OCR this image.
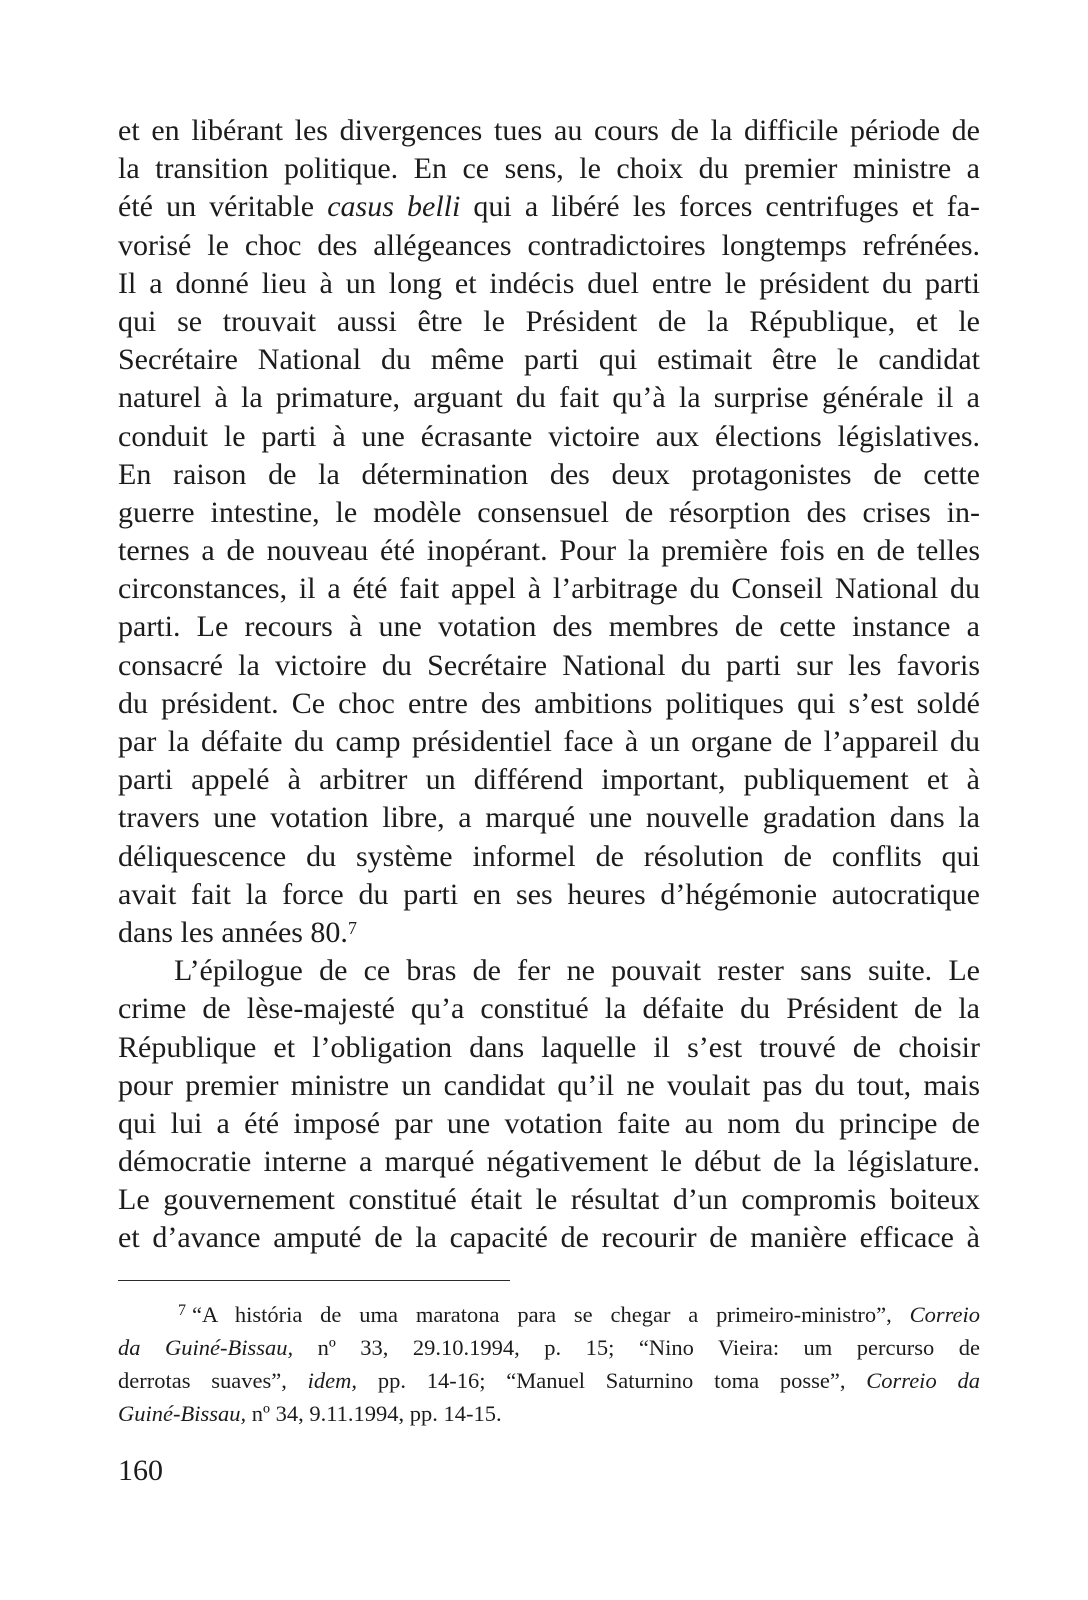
et en libérant les divergences tues au cours de la difficile période de
la transition politique. En ce sens, le choix du premier ministre a
été un véritable casus belli qui a libéré les forces centrifuges et fa-
vorisé le choc des allégeances contradictoires longtemps refrénées.
Il a donné lieu à un long et indécis duel entre le président du parti
qui se trouvait aussi être le Président de la République, et le
Secrétaire National du même parti qui estimait être le candidat
naturel à la primature, arguant du fait qu’à la surprise générale il a
conduit le parti à une écrasante victoire aux élections législatives.
En raison de la détermination des deux protagonistes de cette
guerre intestine, le modèle consensuel de résorption des crises in-
ternes a de nouveau été inopérant. Pour la première fois en de telles
circonstances, il a été fait appel à l’arbitrage du Conseil National du
parti. Le recours à une votation des membres de cette instance a
consacré la victoire du Secrétaire National du parti sur les favoris
du président. Ce choc entre des ambitions politiques qui s’est soldé
par la défaite du camp présidentiel face à un organe de l’appareil du
parti appelé à arbitrer un différend important, publiquement et à
travers une votation libre, a marqué une nouvelle gradation dans la
déliquescence du système informel de résolution de conflits qui
avait fait la force du parti en ses heures d’hégémonie autocratique
dans les années 80.$^7$
L’épilogue de ce bras de fer ne pouvait rester sans suite. Le
crime de lèse-majesté qu’a constitué la défaite du Président de la
République et l’obligation dans laquelle il s’est trouvé de choisir
pour premier ministre un candidat qu’il ne voulait pas du tout, mais
qui lui a été imposé par une votation faite au nom du principe de
démocratie interne a marqué négativement le début de la législature.
Le gouvernement constitué était le résultat d’un compromis boiteux
et d’avance amputé de la capacité de recourir de manière efficace à
$^7$ “A história de uma maratona para se chegar a primeiro-ministro”, Correio
da Guiné-Bissau, nº 33, 29.10.1994, p. 15; “Nino Vieira: um percurso de
derrotas suaves”, idem, pp. 14-16; “Manuel Saturnino toma posse”, Correio da
Guiné-Bissau, nº 34, 9.11.1994, pp. 14-15.
160
